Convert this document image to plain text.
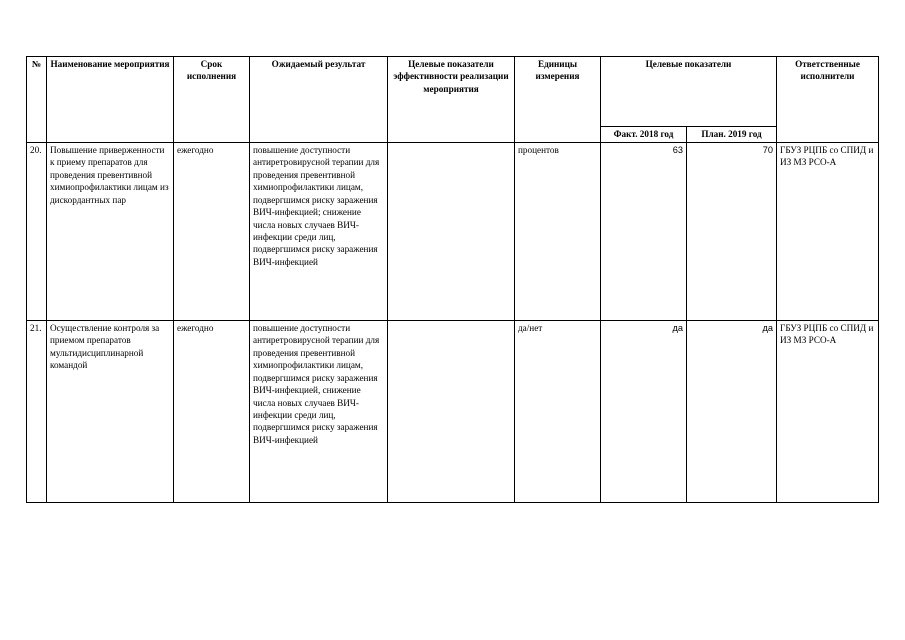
№	Наименование мероприятия	Срок исполнения	Ожидаемый результат	Целевые показатели эффективности реализации мероприятия	Единицы измерения	Целевые показатели		Ответственные исполнители
						Факт. 2018 год	План. 2019 год	
20.	Повышение приверженности к приему препаратов для проведения превентивной химиопрофилактики лицам из дискордантных пар	ежегодно	повышение доступности антиретровирусной терапии для проведения превентивной химиопрофилактики лицам, подвергшимся риску заражения ВИЧ-инфекцией; снижение числа новых случаев ВИЧ-инфекции среди лиц, подвергшимся риску заражения ВИЧ-инфекцией		процентов	63	70	ГБУЗ РЦПБ со СПИД и ИЗ МЗ РСО-А
21.	Осуществление контроля за приемом препаратов мультидисциплинарной командой	ежегодно	повышение доступности антиретровирусной терапии для проведения превентивной химиопрофилактики лицам, подвергшимся риску заражения ВИЧ-инфекцией, снижение числа новых случаев ВИЧ-инфекции среди лиц, подвергшимся риску заражения ВИЧ-инфекцией		да/нет	да	да	ГБУЗ РЦПБ со СПИД и ИЗ МЗ РСО-А
